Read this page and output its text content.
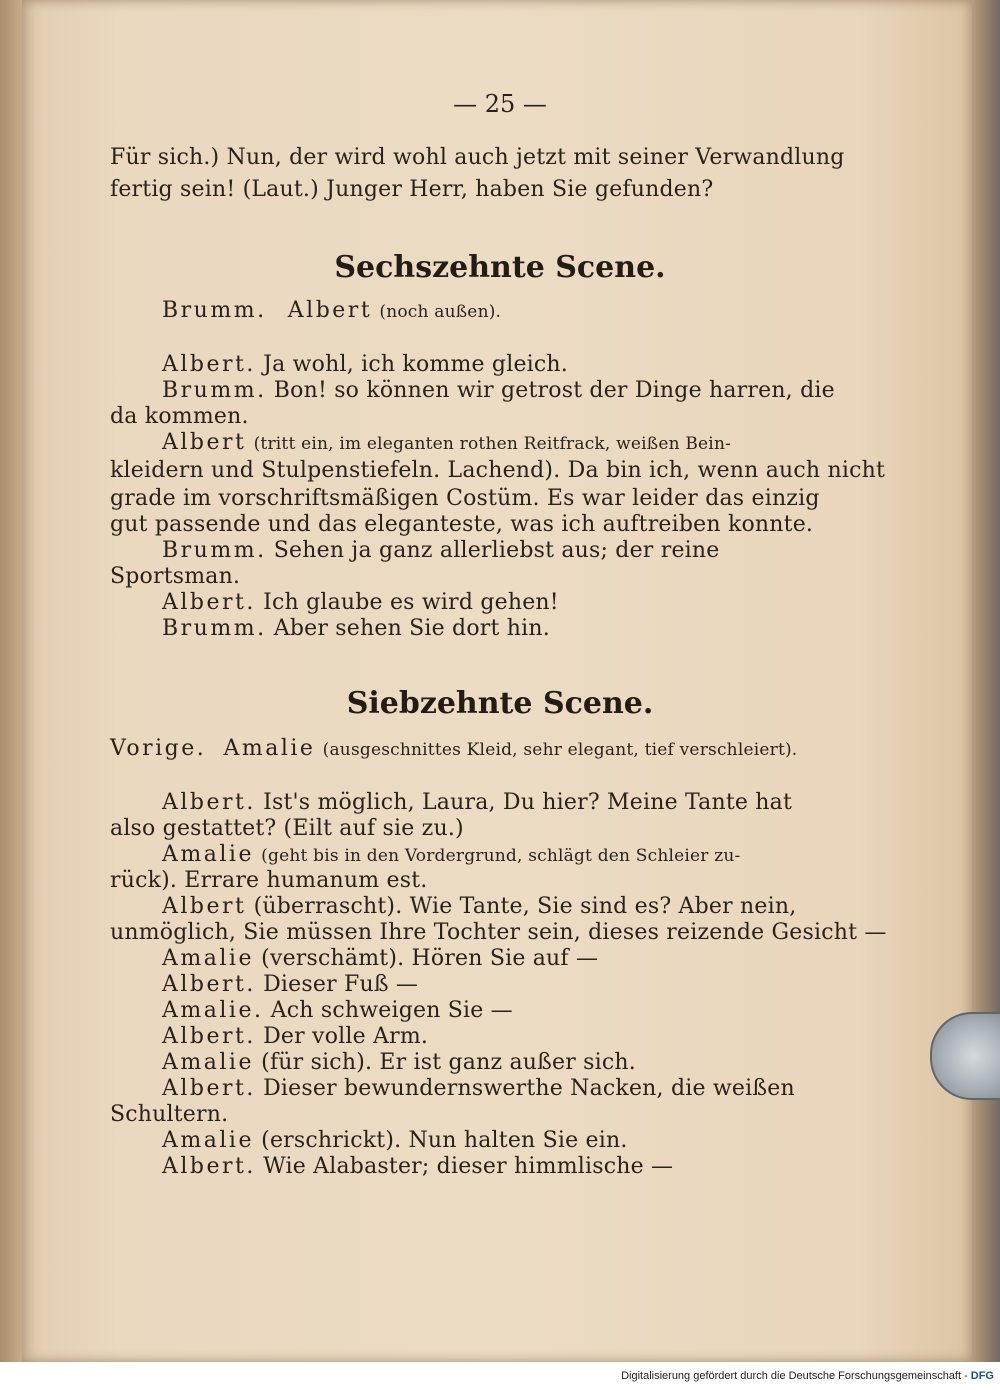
— 25 —
Für sich.) Nun, der wird wohl auch jetzt mit seiner Verwandlung
fertig sein! (Laut.) Junger Herr, haben Sie gefunden?
Sechszehnte Scene.
Brumm. Albert (noch außen).
Albert. Ja wohl, ich komme gleich.
Brumm. Bon! so können wir getrost der Dinge harren, die
da kommen.
Albert (tritt ein, im eleganten rothen Reitfrack, weißen Bein-
kleidern und Stulpenstiefeln. Lachend). Da bin ich, wenn auch nicht
grade im vorschriftsmäßigen Costüm. Es war leider das einzig
gut passende und das eleganteste, was ich auftreiben konnte.
Brumm. Sehen ja ganz allerliebst aus; der reine
Sportsman.
Albert. Ich glaube es wird gehen!
Brumm. Aber sehen Sie dort hin.
Siebzehnte Scene.
Vorige. Amalie (ausgeschnittes Kleid, sehr elegant, tief verschleiert).
Albert. Ist's möglich, Laura, Du hier? Meine Tante hat
also gestattet? (Eilt auf sie zu.)
Amalie (geht bis in den Vordergrund, schlägt den Schleier zu-
rück). Errare humanum est.
Albert (überrascht). Wie Tante, Sie sind es? Aber nein,
unmöglich, Sie müssen Ihre Tochter sein, dieses reizende Gesicht —
Amalie (verschämt). Hören Sie auf —
Albert. Dieser Fuß —
Amalie. Ach schweigen Sie —
Albert. Der volle Arm.
Amalie (für sich). Er ist ganz außer sich.
Albert. Dieser bewundernswerthe Nacken, die weißen
Schultern.
Amalie (erschrickt). Nun halten Sie ein.
Albert. Wie Alabaster; dieser himmlische —
Digitalisierung gefördert durch die Deutsche Forschungsgemeinschaft - DFG
